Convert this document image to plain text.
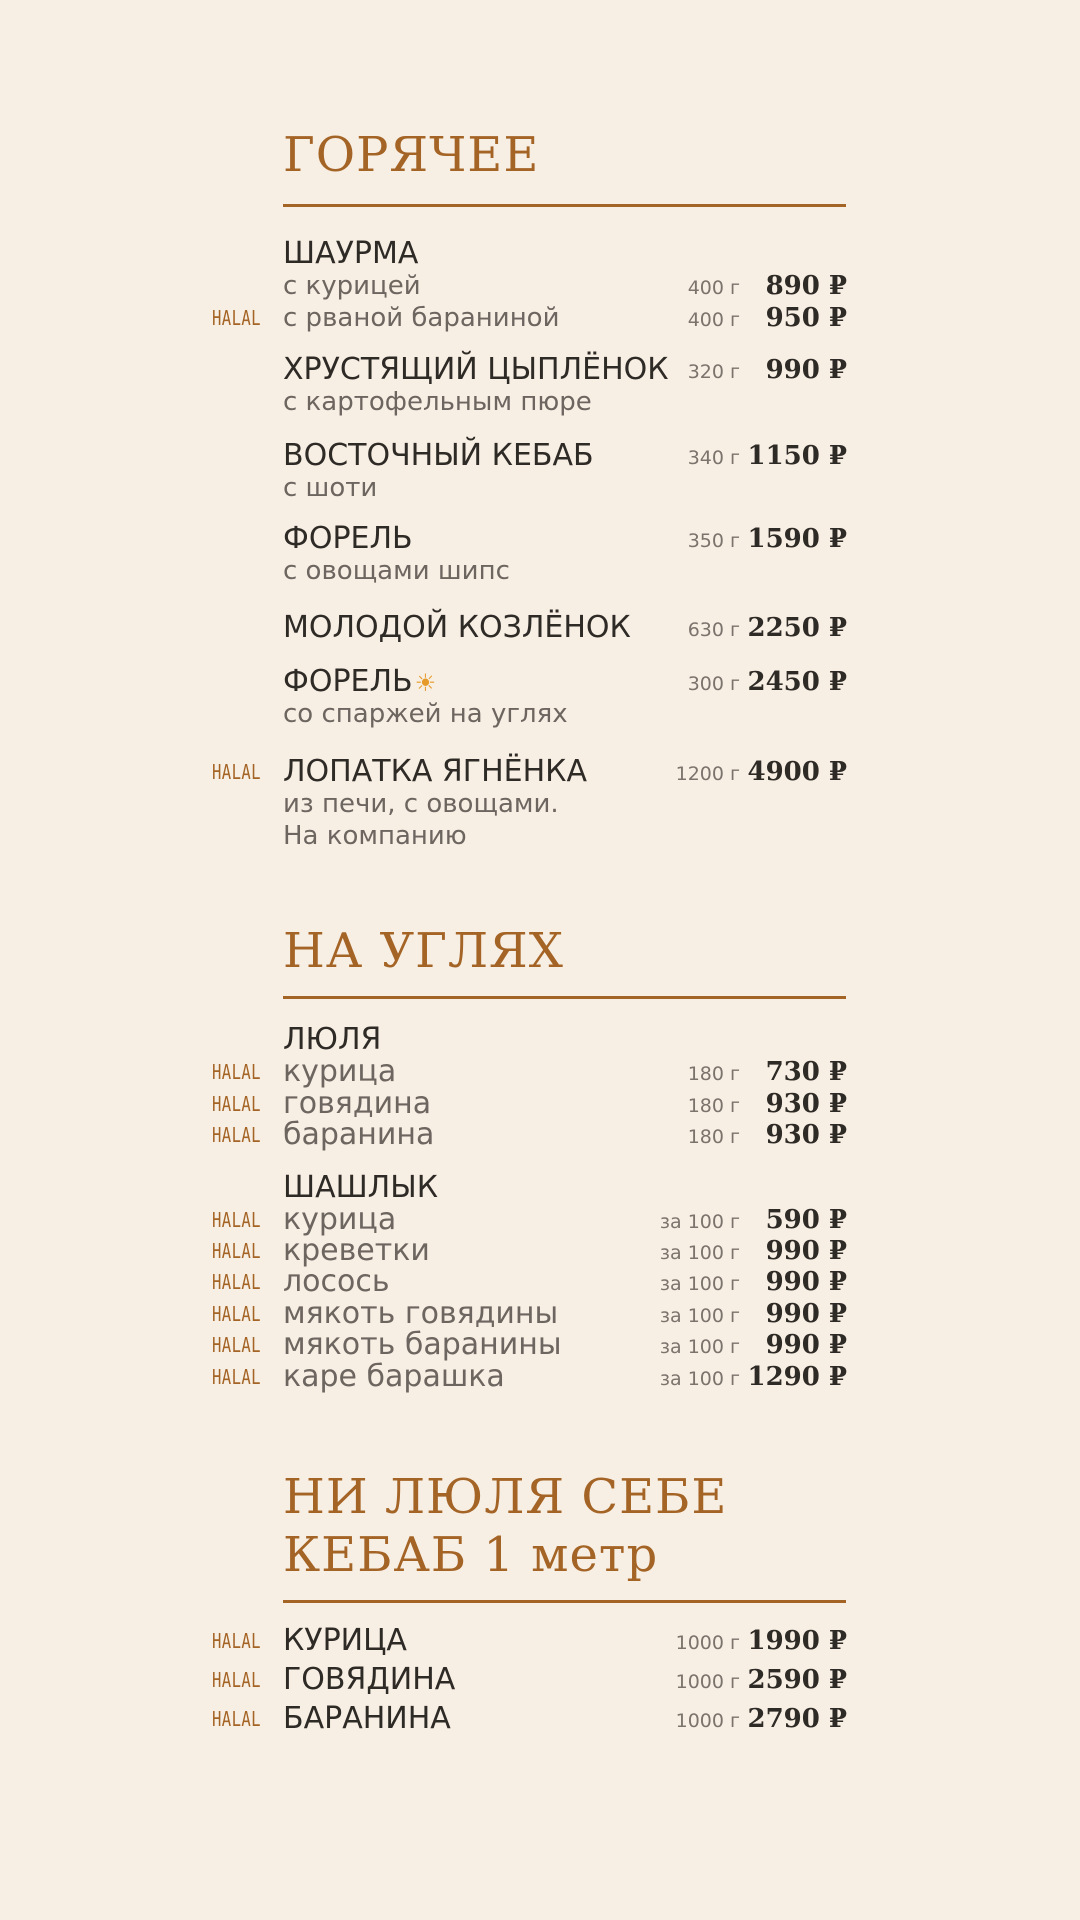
ГОРЯЧЕЕ
ШАУРМА
с курицей	400 г 890 ₽
HALAL с рваной бараниной	400 г 950 ₽
ХРУСТЯЩИЙ ЦЫПЛЁНОК 320 г 990 ₽
с картофельным пюре
ВОСТОЧНЫЙ КЕБАБ	340 г 1150 ₽
с шоти
ФОРЕЛЬ	350 г 1590 ₽
с овощами шипс
МОЛОДОЙ КОЗЛЁНОК	630 г 2250 ₽
ФОРЕЛЬ☀	300 г 2450 ₽
со спаржей на углях
HALAL ЛОПАТКА ЯГНЁНКА	1200 г 4900 ₽
из печи, с овощами.
На компанию
НА УГЛЯХ
ЛЮЛЯ
HALAL курица	180 г 730 ₽
HALAL говядина	180 г 930 ₽
HALAL баранина	180 г 930 ₽
ШАШЛЫК
HALAL курица	за 100 г 590 ₽
HALAL креветки	за 100 г 990 ₽
HALAL лосось	за 100 г 990 ₽
HALAL мякоть говядины	за 100 г 990 ₽
HALAL мякоть баранины	за 100 г 990 ₽
HALAL каре барашка	за 100 г 1290 ₽
НИ ЛЮЛЯ СЕБЕ
КЕБАБ 1 метр
HALAL КУРИЦА	1000 г 1990 ₽
HALAL ГОВЯДИНА	1000 г 2590 ₽
HALAL БАРАНИНА	1000 г 2790 ₽
